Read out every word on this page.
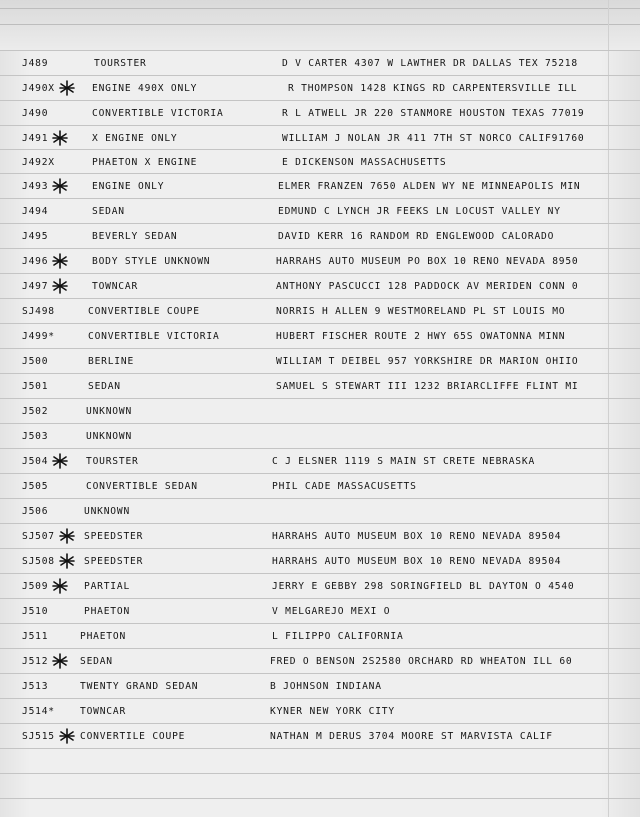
J489	TOURSTER	D V CARTER 4307 W LAWTHER DR DALLAS TEX 75218
J490X	ENGINE 490X ONLY	R THOMPSON 1428 KINGS RD CARPENTERSVILLE ILL
J490	CONVERTIBLE VICTORIA	R L ATWELL JR 220 STANMORE HOUSTON TEXAS 77019
J491	X ENGINE ONLY	WILLIAM J NOLAN JR 411 7TH ST NORCO CALIF91760
J492X	PHAETON X ENGINE	E DICKENSON MASSACHUSETTS
J493	ENGINE ONLY	ELMER FRANZEN 7650 ALDEN WY NE MINNEAPOLIS MIN
J494	SEDAN	EDMUND C LYNCH JR FEEKS LN LOCUST VALLEY NY
J495	BEVERLY SEDAN	DAVID KERR 16 RANDOM RD ENGLEWOOD CALORADO
J496	BODY STYLE UNKNOWN	HARRAHS AUTO MUSEUM PO BOX 10 RENO NEVADA 8950
J497	TOWNCAR	ANTHONY PASCUCCI 128 PADDOCK AV MERIDEN CONN 0
SJ498	CONVERTIBLE COUPE	NORRIS H ALLEN 9 WESTMORELAND PL ST LOUIS MO
J499*	CONVERTIBLE VICTORIA	HUBERT FISCHER ROUTE 2 HWY 65S OWATONNA MINN
J500	BERLINE	WILLIAM T DEIBEL 957 YORKSHIRE DR MARION OHIIO
J501	SEDAN	SAMUEL S STEWART III 1232 BRIARCLIFFE FLINT MI
J502	UNKNOWN
J503	UNKNOWN
J504	TOURSTER	C J ELSNER 1119 S MAIN ST CRETE NEBRASKA
J505	CONVERTIBLE SEDAN	PHIL CADE MASSACUSETTS
J506	UNKNOWN
SJ507	SPEEDSTER	HARRAHS AUTO MUSEUM BOX 10 RENO NEVADA 89504
SJ508	SPEEDSTER	HARRAHS AUTO MUSEUM BOX 10 RENO NEVADA 89504
J509	PARTIAL	JERRY E GEBBY 298 SORINGFIELD BL DAYTON O 4540
J510	PHAETON	V MELGAREJO MEXI O
J511	PHAETON	L FILIPPO CALIFORNIA
J512	SEDAN	FRED O BENSON 2S2580 ORCHARD RD WHEATON ILL 60
J513	TWENTY GRAND SEDAN	B JOHNSON INDIANA
J514*	TOWNCAR	KYNER NEW YORK CITY
SJ515	CONVERTILE COUPE	NATHAN M DERUS 3704 MOORE ST MARVISTA CALIF
